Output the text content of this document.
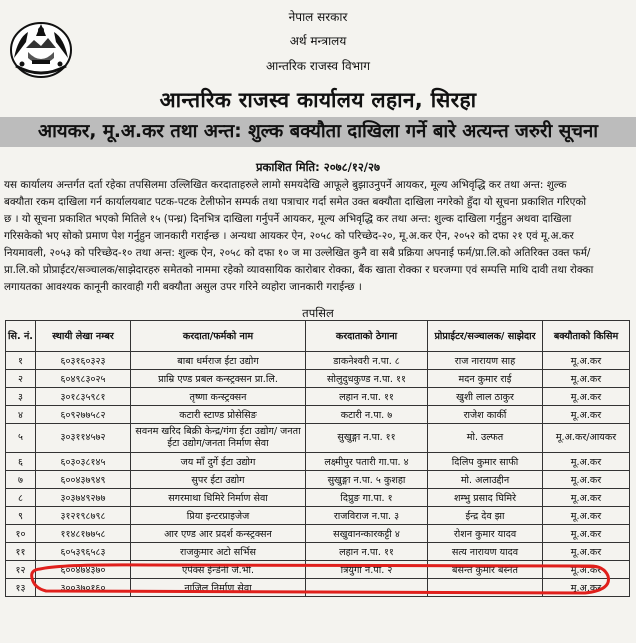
नेपाल सरकार
अर्थ मन्त्रालय
आन्तरिक राजस्व विभाग
आन्तरिक राजस्व कार्यालय लहान, सिरहा
आयकर, मू.अ.कर तथा अन्त: शुल्क बक्यौता दाखिला गर्ने बारे अत्यन्त जरुरी सूचना
प्रकाशित मिति: २०७८/१२/२७
यस कार्यालय अन्तर्गत दर्ता रहेका तपसिलमा उल्लिखित करदाताहरुले लामो समयदेखि आफूले बुझाउनुपर्ने आयकर, मूल्य अभिवृद्धि कर तथा अन्त: शुल्क
बक्यौता रकम दाखिला गर्न कार्यालयबाट पटक-पटक टेलीफोन सम्पर्क तथा पत्राचार गर्दा समेत उक्त बक्यौता दाखिला नगरेको हुँदा यो सूचना प्रकाशित गरिएको
छ । यो सूचना प्रकाशित भएको मितिले १५ (पन्ध्र) दिनभित्र दाखिला गर्नुपर्ने आयकर, मूल्य अभिवृद्धि कर तथा अन्त: शुल्क दाखिला गर्नुहुन अथवा दाखिला
गरिसकेको भए सोको प्रमाण पेश गर्नुहुन जानकारी गराईन्छ । अन्यथा आयकर ऐन, २०५८ को परिच्छेद-२०, मू.अ.कर ऐन, २०५२ को दफा २१ एवं मू.अ.कर
नियमावली, २०५३ को परिच्छेद-१० तथा अन्त: शुल्क ऐन, २०५८ को दफा १० ज मा उल्लेखित कुनै वा सबै प्रक्रिया अपनाई फर्म/प्रा.लि.को अतिरिक्त उक्त फर्म/
प्रा.लि.को प्रोप्राईटर/सञ्चालक/साझेदारहरु समेतको नाममा रहेको व्यावसायिक कारोबार रोक्का, बैंक खाता रोक्का र घरजग्गा एवं सम्पत्ति माथि दावी तथा रोक्का
लगायतका आवश्यक कानूनी कारवाही गरी बक्यौता असुल उपर गरिने व्यहोरा जानकारी गराईन्छ ।
तपसिल
सि. नं.	स्थायी लेखा नम्बर	करदाता/फर्मको नाम	करदाताको ठेगाना	प्रोप्राईटर/सञ्चालक/ साझेदार	बक्यौताको किसिम
१	६०३१६०३२३	बाबा धर्मराज ईटा उद्योग	डाकनेश्वरी न.पा. ८	राज नारायण साह	मू.अ.कर
२	६०४९८३०२५	प्राम्रि एण्ड प्रबल कन्स्ट्रक्सन प्रा.लि.	सोलुदुधकुण्ड न.पा. ११	मदन कुमार राई	मू.अ.कर
३	३०१८३५९८१	तृष्णा कन्स्ट्रक्सन	लहान न.पा. ११	खुशी लाल ठाकुर	मू.अ.कर
४	६०९२७७५८२	कटारी स्टाण्ड प्रोसेसिङ	कटारी न.पा. ७	राजेश कार्की	मू.अ.कर
५	३०३११४५७२	सवनम खरिद बिक्री केन्द्र/गंगा ईटा उद्योग/ जनता ईटा उद्योग/जनता निर्माण सेवा	सुखुङ्गा न.पा. ११	मो. उल्फत	मू.अ.कर/आयकर
६	६०३०३८१४५	जय माँ दुर्गे ईटा उद्योग	लक्ष्मीपुर पतारी गा.पा. ४	दिलिप कुमार साफी	मू.अ.कर
७	६००४३७९४९	सुपर ईटा उद्योग	सुखुङ्गा न.पा. ५ कुशहा	मो. अलाउद्दीन	मू.अ.कर
८	३०३७४९२७७	सगरमाथा धिमिरे निर्माण सेवा	दिप्रुङ गा.पा. १	शम्भु प्रसाद घिमिरे	मू.अ.कर
९	३१२१९८७९८	प्रिया इन्टरप्राइजेज	राजविराज न.पा. ३	ईन्द्र देव झा	मू.अ.कर
१०	११४८१७७५८	आर एण्ड आर प्रदर्श कन्स्ट्रक्सन	सखुवानन्कारकट्टी ४	रोशन कुमार यादव	मू.अ.कर
११	६०५३९६५८३	राजकुमार अटो सर्भिस	लहान न.पा. ११	सत्य नारायण यादव	मू.अ.कर
१२	६००४७४३७०	एपेक्स ईन्डेनी जे.भी.	त्रियुगा न.पा. २	बसन्त कुमार बस्नेत	मू.अ.कर
१३	३००३७०१६०	नाजिल निर्माण सेवा			मू.अ.कर
